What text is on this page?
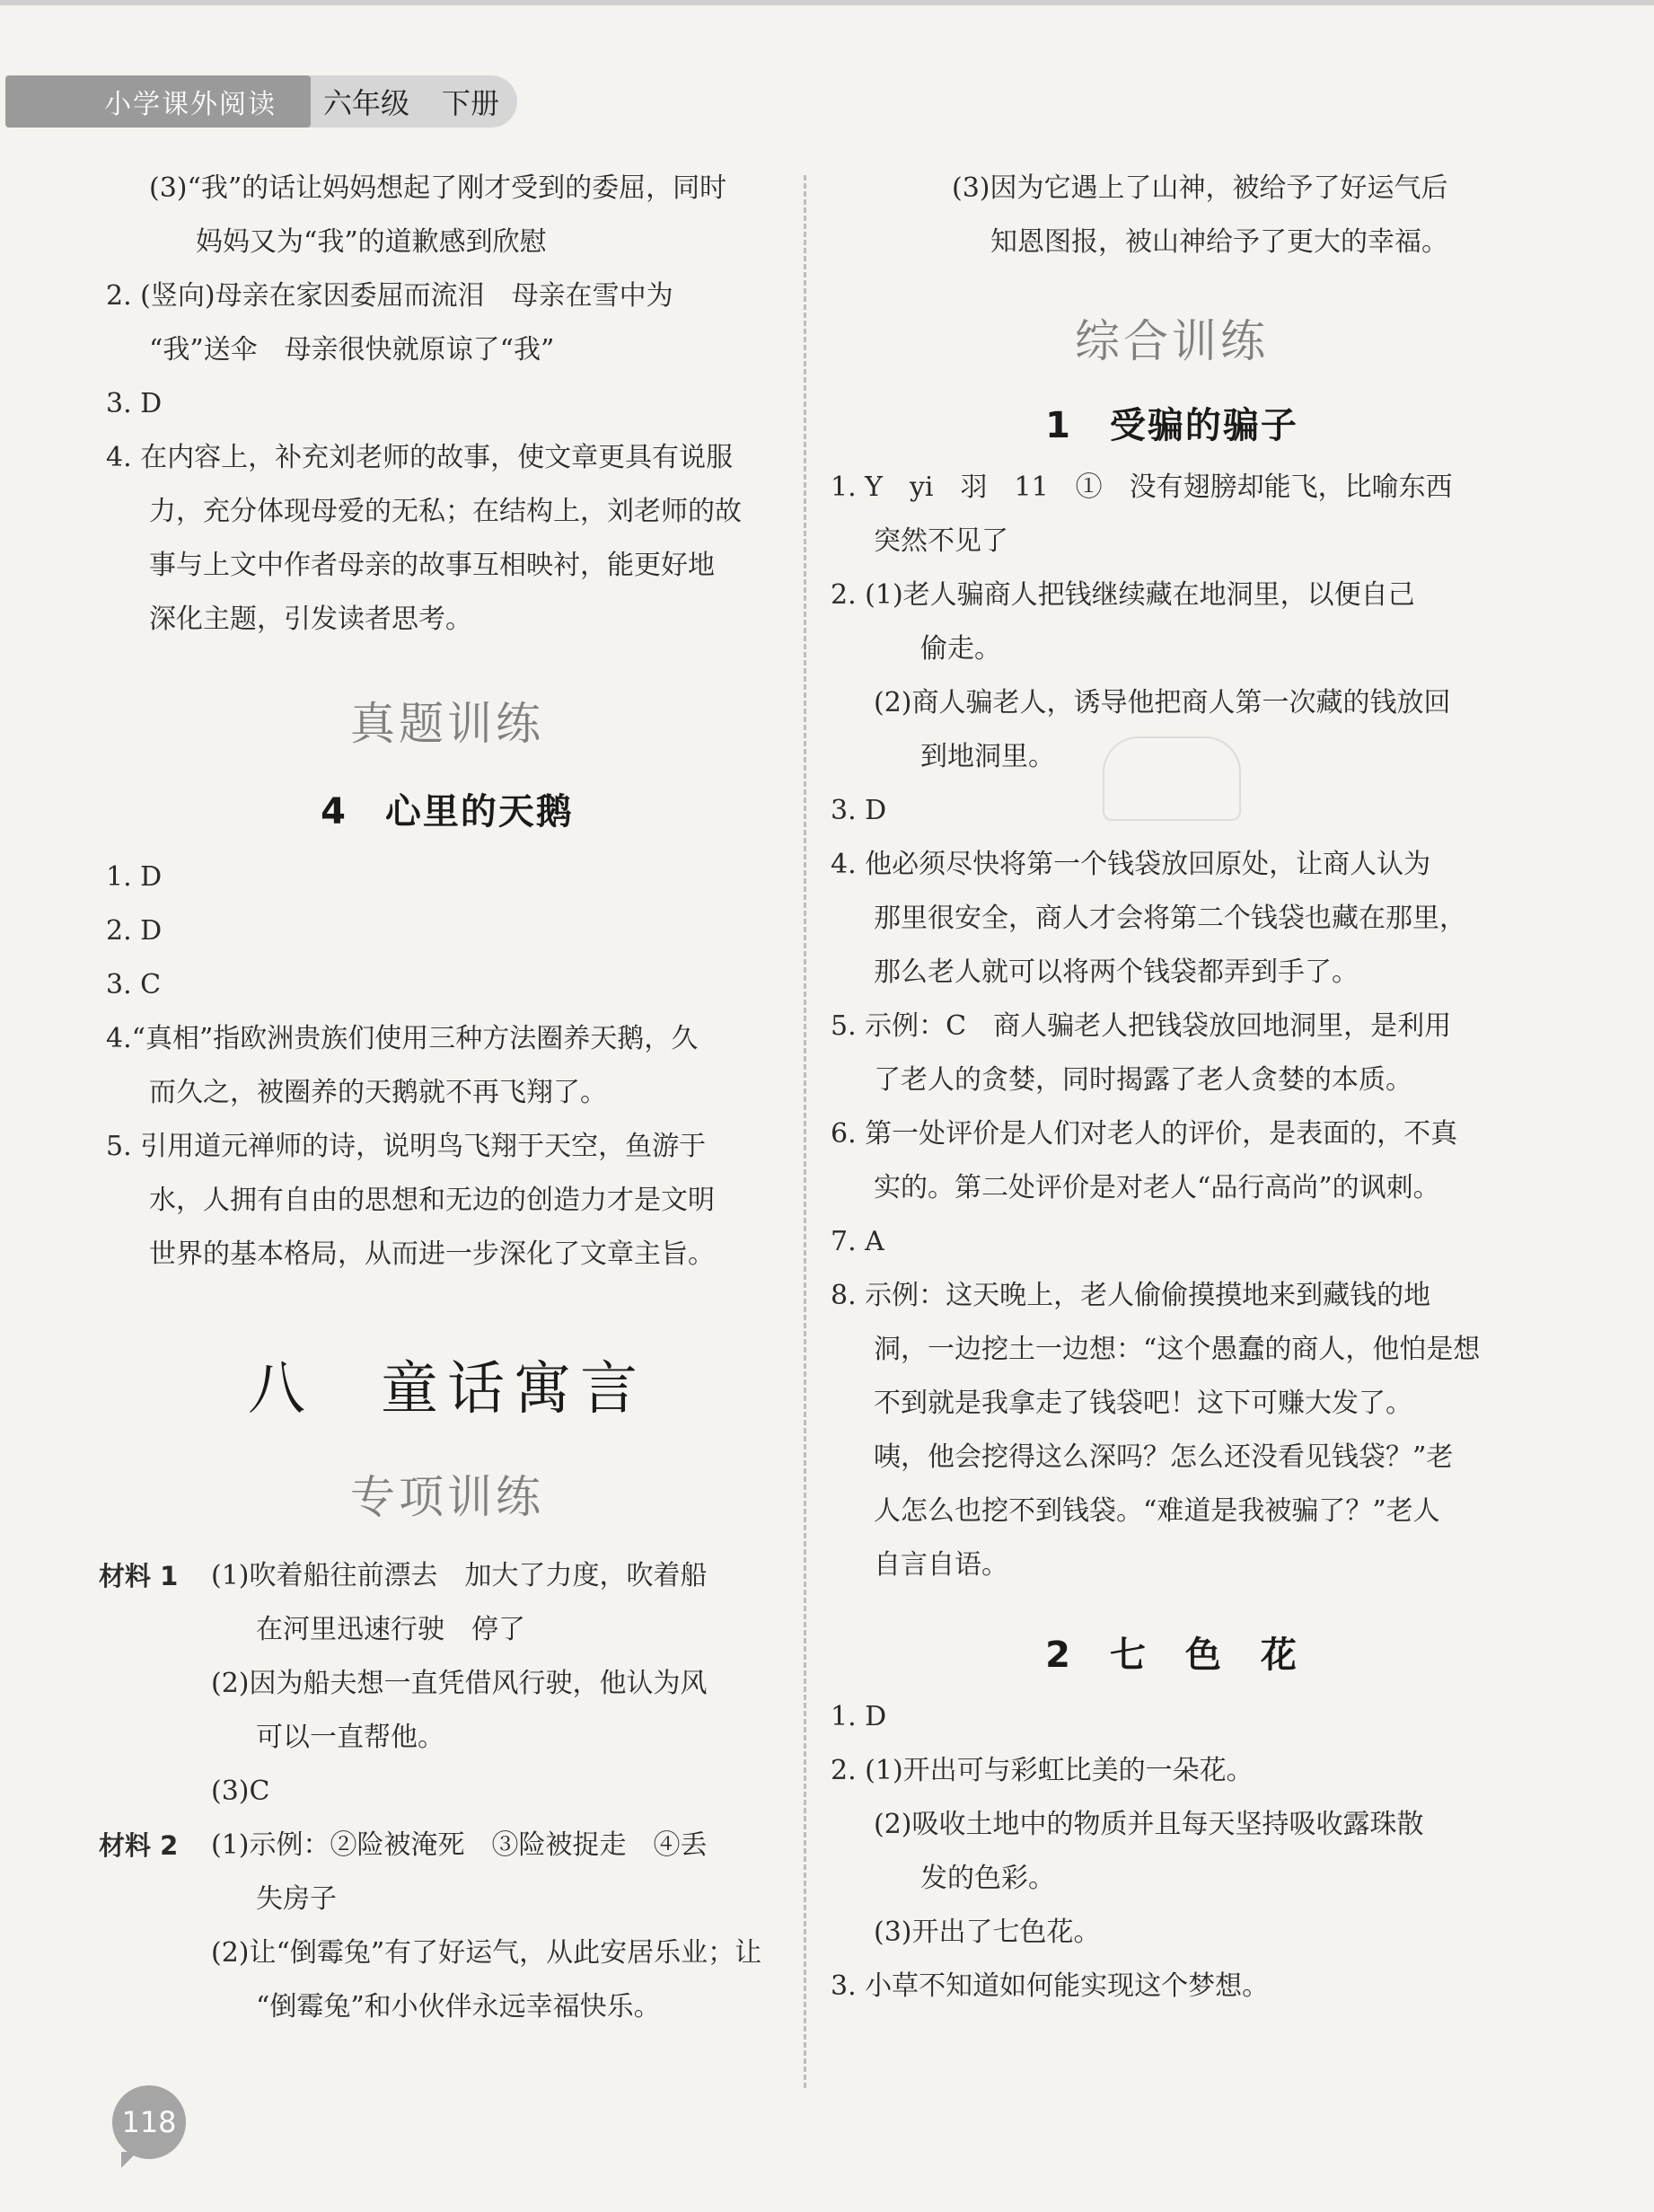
小学课外阅读	六年级 下册
(3)“我”的话让妈妈想起了刚才受到的委屈，同时
妈妈又为“我”的道歉感到欣慰
2. (竖向)母亲在家因委屈而流泪　母亲在雪中为
“我”送伞　母亲很快就原谅了“我”
3. D
4. 在内容上，补充刘老师的故事，使文章更具有说服
力，充分体现母爱的无私；在结构上，刘老师的故
事与上文中作者母亲的故事互相映衬，能更好地
深化主题，引发读者思考。
真题训练
4　心里的天鹅
1. D
2. D
3. C
4.“真相”指欧洲贵族们使用三种方法圈养天鹅，久
而久之，被圈养的天鹅就不再飞翔了。
5. 引用道元禅师的诗，说明鸟飞翔于天空，鱼游于
水，人拥有自由的思想和无边的创造力才是文明
世界的基本格局，从而进一步深化了文章主旨。
八　童话寓言
专项训练
材料 1	(1)吹着船往前漂去　加大了力度，吹着船
在河里迅速行驶　停了
(2)因为船夫想一直凭借风行驶，他认为风
可以一直帮他。
(3)C
材料 2	(1)示例：②险被淹死　③险被捉走　④丢
失房子
(2)让“倒霉兔”有了好运气，从此安居乐业；让
“倒霉兔”和小伙伴永远幸福快乐。
(3)因为它遇上了山神，被给予了好运气后
知恩图报，被山神给予了更大的幸福。
综合训练
1　受骗的骗子
1. Y　yi　羽　11　①　没有翅膀却能飞，比喻东西
突然不见了
2. (1)老人骗商人把钱继续藏在地洞里，以便自己
偷走。
(2)商人骗老人，诱导他把商人第一次藏的钱放回
到地洞里。
3. D
4. 他必须尽快将第一个钱袋放回原处，让商人认为
那里很安全，商人才会将第二个钱袋也藏在那里，
那么老人就可以将两个钱袋都弄到手了。
5. 示例：C　商人骗老人把钱袋放回地洞里，是利用
了老人的贪婪，同时揭露了老人贪婪的本质。
6. 第一处评价是人们对老人的评价，是表面的，不真
实的。第二处评价是对老人“品行高尚”的讽刺。
7. A
8. 示例：这天晚上，老人偷偷摸摸地来到藏钱的地
洞，一边挖土一边想：“这个愚蠢的商人，他怕是想
不到就是我拿走了钱袋吧！这下可赚大发了。
咦，他会挖得这么深吗？怎么还没看见钱袋？”老
人怎么也挖不到钱袋。“难道是我被骗了？”老人
自言自语。
2　七　色　花
1. D
2. (1)开出可与彩虹比美的一朵花。
(2)吸收土地中的物质并且每天坚持吸收露珠散
发的色彩。
(3)开出了七色花。
3. 小草不知道如何能实现这个梦想。

118
